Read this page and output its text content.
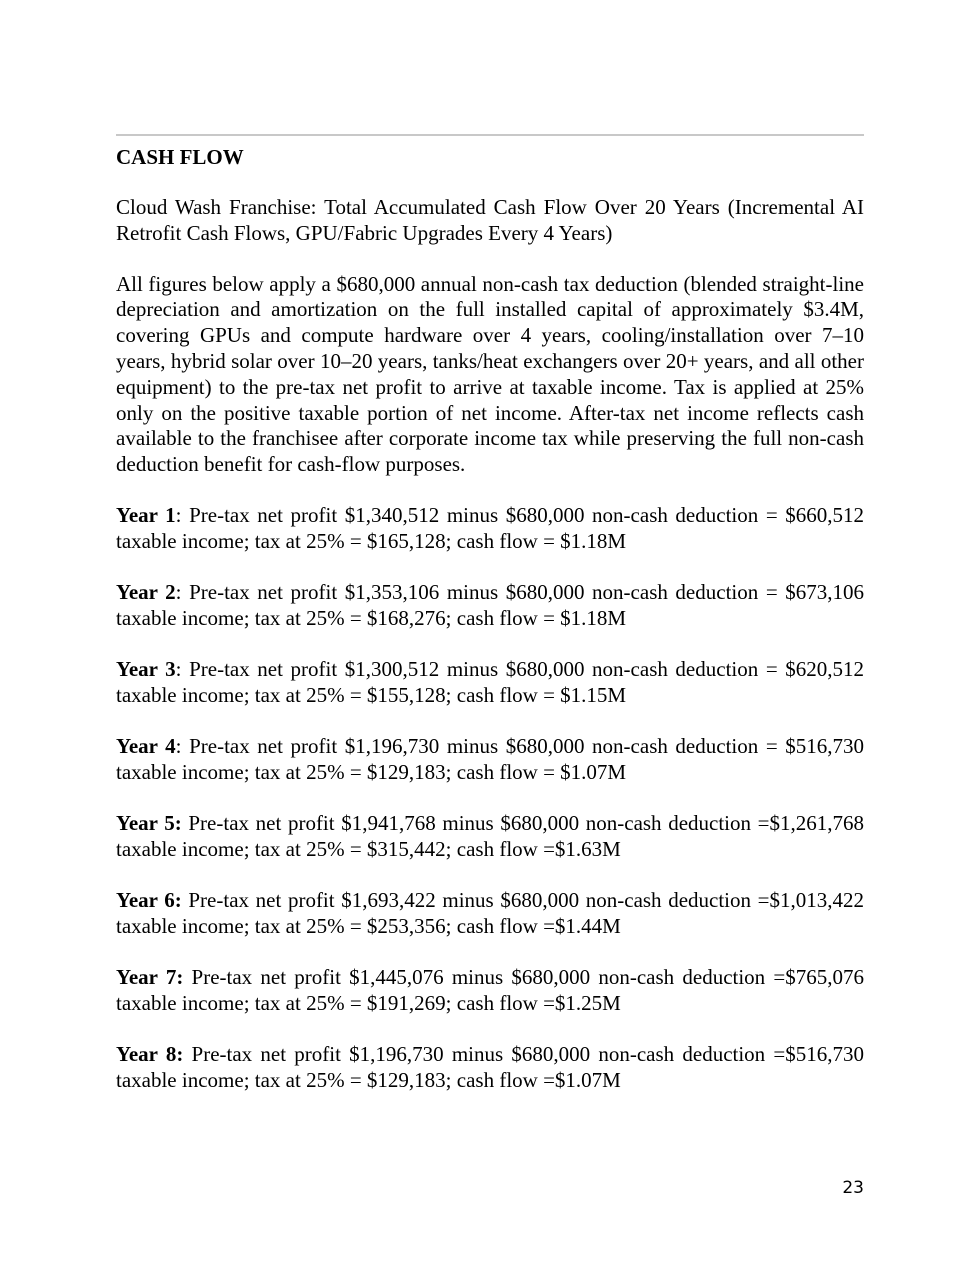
CASH FLOW

Cloud Wash Franchise: Total Accumulated Cash Flow Over 20 Years (Incremental AI Retrofit Cash Flows, GPU/Fabric Upgrades Every 4 Years)

All figures below apply a $680,000 annual non-cash tax deduction (blended straight-line depreciation and amortization on the full installed capital of approximately $3.4M, covering GPUs and compute hardware over 4 years, cooling/installation over 7–10 years, hybrid solar over 10–20 years, tanks/heat exchangers over 20+ years, and all other equipment) to the pre-tax net profit to arrive at taxable income. Tax is applied at 25% only on the positive taxable portion of net income. After-tax net income reflects cash available to the franchisee after corporate income tax while preserving the full non-cash deduction benefit for cash-flow purposes.

Year 1: Pre-tax net profit $1,340,512 minus $680,000 non-cash deduction = $660,512 taxable income; tax at 25% = $165,128; cash flow = $1.18M

Year 2: Pre-tax net profit $1,353,106 minus $680,000 non-cash deduction = $673,106 taxable income; tax at 25% = $168,276; cash flow = $1.18M

Year 3: Pre-tax net profit $1,300,512 minus $680,000 non-cash deduction = $620,512 taxable income; tax at 25% = $155,128; cash flow = $1.15M

Year 4: Pre-tax net profit $1,196,730 minus $680,000 non-cash deduction = $516,730 taxable income; tax at 25% = $129,183; cash flow = $1.07M

Year 5: Pre-tax net profit $1,941,768 minus $680,000 non-cash deduction =$1,261,768 taxable income; tax at 25% = $315,442; cash flow =$1.63M

Year 6: Pre-tax net profit $1,693,422 minus $680,000 non-cash deduction =$1,013,422 taxable income; tax at 25% = $253,356; cash flow =$1.44M

Year 7: Pre-tax net profit $1,445,076 minus $680,000 non-cash deduction =$765,076 taxable income; tax at 25% = $191,269; cash flow =$1.25M

Year 8: Pre-tax net profit $1,196,730 minus $680,000 non-cash deduction =$516,730 taxable income; tax at 25% = $129,183; cash flow =$1.07M

23
